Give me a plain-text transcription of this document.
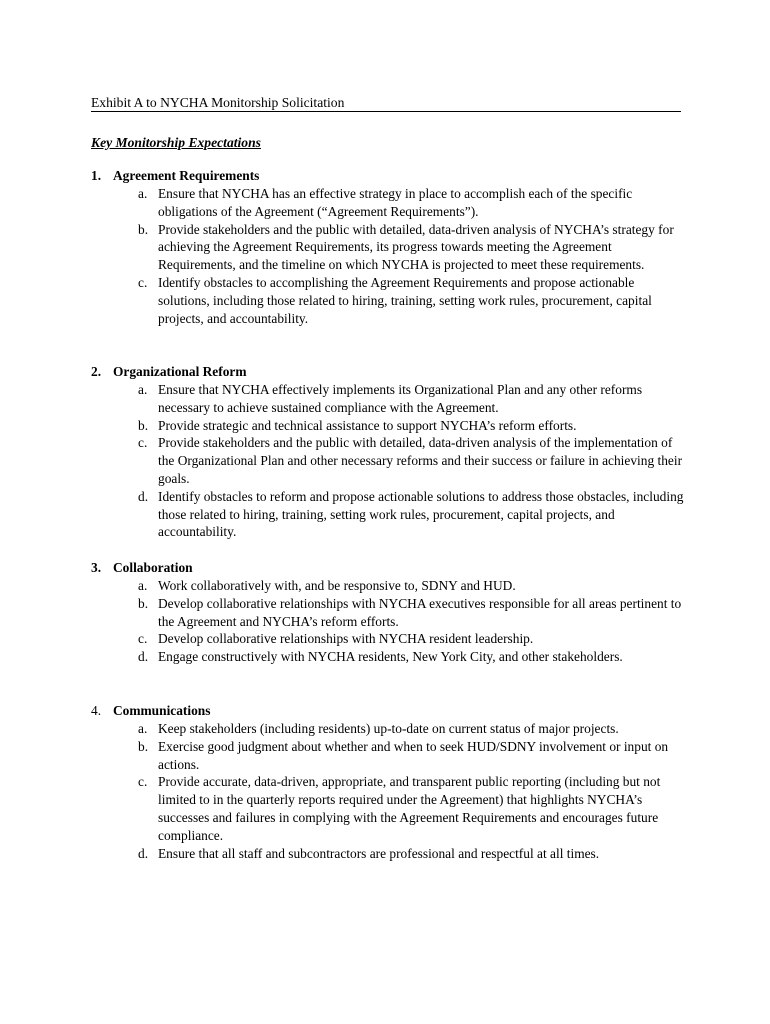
Exhibit A to NYCHA Monitorship Solicitation
Key Monitorship Expectations
1. Agreement Requirements
a. Ensure that NYCHA has an effective strategy in place to accomplish each of the specific obligations of the Agreement (“Agreement Requirements”).
b. Provide stakeholders and the public with detailed, data-driven analysis of NYCHA’s strategy for achieving the Agreement Requirements, its progress towards meeting the Agreement Requirements, and the timeline on which NYCHA is projected to meet these requirements.
c. Identify obstacles to accomplishing the Agreement Requirements and propose actionable solutions, including those related to hiring, training, setting work rules, procurement, capital projects, and accountability.
2. Organizational Reform
a. Ensure that NYCHA effectively implements its Organizational Plan and any other reforms necessary to achieve sustained compliance with the Agreement.
b. Provide strategic and technical assistance to support NYCHA’s reform efforts.
c. Provide stakeholders and the public with detailed, data-driven analysis of the implementation of the Organizational Plan and other necessary reforms and their success or failure in achieving their goals.
d. Identify obstacles to reform and propose actionable solutions to address those obstacles, including those related to hiring, training, setting work rules, procurement, capital projects, and accountability.
3. Collaboration
a. Work collaboratively with, and be responsive to, SDNY and HUD.
b. Develop collaborative relationships with NYCHA executives responsible for all areas pertinent to the Agreement and NYCHA’s reform efforts.
c. Develop collaborative relationships with NYCHA resident leadership.
d. Engage constructively with NYCHA residents, New York City, and other stakeholders.
4. Communications
a. Keep stakeholders (including residents) up-to-date on current status of major projects.
b. Exercise good judgment about whether and when to seek HUD/SDNY involvement or input on actions.
c. Provide accurate, data-driven, appropriate, and transparent public reporting (including but not limited to in the quarterly reports required under the Agreement) that highlights NYCHA’s successes and failures in complying with the Agreement Requirements and encourages future compliance.
d. Ensure that all staff and subcontractors are professional and respectful at all times.
